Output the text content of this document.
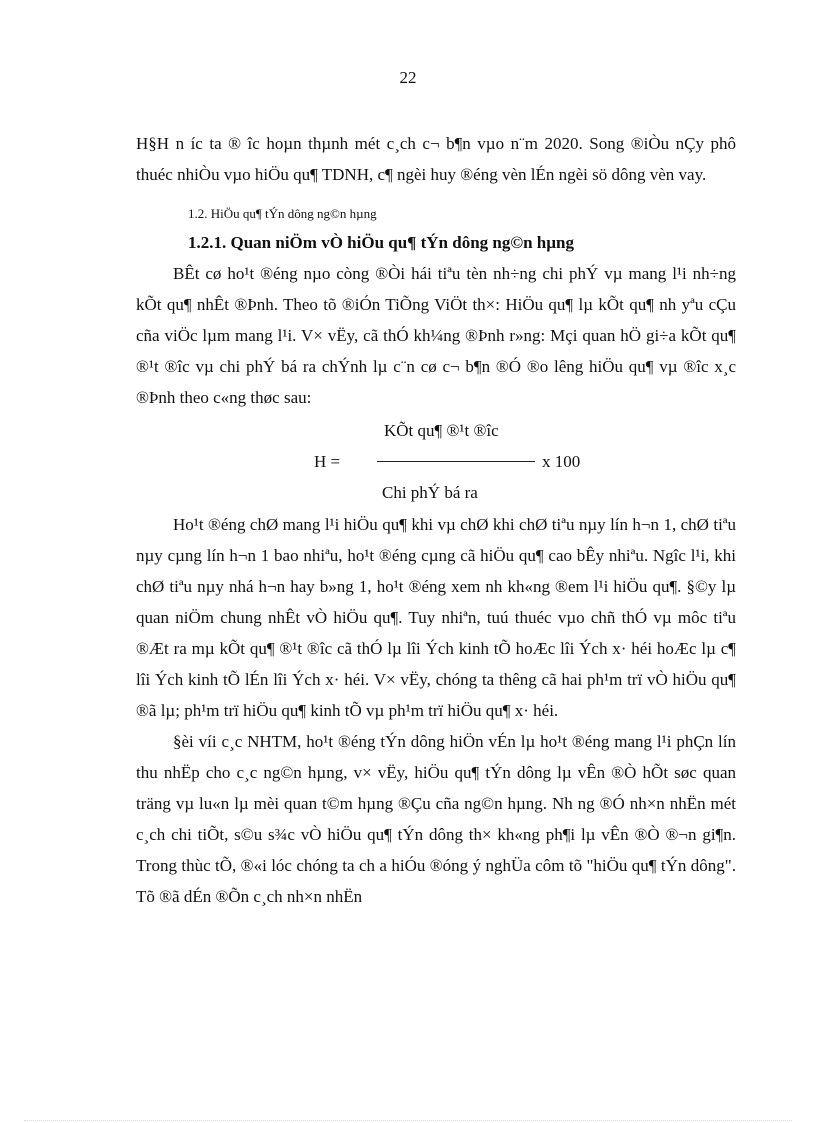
22

H§H n íc ta ® îc hoµn thµnh mét c¸ch c¬ b¶n vµo n¨m 2020. Song ®iÒu nÇy phô thuéc nhiÒu vµo hiÖu qu¶ TDNH, c¶ ngèi huy ®éng vèn lÉn ngèi sö dông vèn vay.

1.2. HiÖu qu¶ tÝn dông ng©n hµng

1.2.1. Quan niÖm vÒ hiÖu qu¶ tÝn dông ng©n hµng

BÊt cø ho¹t ®éng nµo còng ®Òi hái tiªu tèn nh÷ng chi phÝ vµ mang l¹i nh÷ng kÕt qu¶ nhÊt ®Þnh. Theo tõ ®iÓn TiÕng ViÖt th×: HiÖu qu¶ lµ kÕt qu¶ nh yªu cÇu cña viÖc lµm mang l¹i. V× vËy, cã thÓ kh¼ng ®Þnh r»ng: Mçi quan hÖ gi÷a kÕt qu¶ ®¹t ®îc vµ chi phÝ bá ra chÝnh lµ c¨n cø c¬ b¶n ®Ó ®o lêng hiÖu qu¶ vµ ®îc x¸c ®Þnh theo c«ng thøc sau:

H =
KÕt qu¶ ®¹t ®îc
x 100
Chi phÝ bá ra

Ho¹t ®éng chØ mang l¹i hiÖu qu¶ khi vµ chØ khi chØ tiªu nµy lín h¬n 1, chØ tiªu nµy cµng lín h¬n 1 bao nhiªu, ho¹t ®éng cµng cã hiÖu qu¶ cao bÊy nhiªu. Ngîc l¹i, khi chØ tiªu nµy nhá h¬n hay b»ng 1, ho¹t ®éng xem nh kh«ng ®em l¹i hiÖu qu¶. §©y lµ quan niÖm chung nhÊt vÒ hiÖu qu¶. Tuy nhiªn, tuú thuéc vµo chñ thÓ vµ môc tiªu ®Æt ra mµ kÕt qu¶ ®¹t ®îc cã thÓ lµ lîi Ých kinh tÕ hoÆc lîi Ých x· héi hoÆc lµ c¶ lîi Ých kinh tÕ lÉn lîi Ých x· héi. V× vËy, chóng ta thêng cã hai ph¹m trï vÒ hiÖu qu¶ ®ã lµ; ph¹m trï hiÖu qu¶ kinh tÕ vµ ph¹m trï hiÖu qu¶ x· héi.

§èi víi c¸c NHTM, ho¹t ®éng tÝn dông hiÖn vÉn lµ ho¹t ®éng mang l¹i phÇn lín thu nhËp cho c¸c ng©n hµng, v× vËy, hiÖu qu¶ tÝn dông lµ vÊn ®Ò hÕt søc quan träng vµ lu«n lµ mèi quan t©m hµng ®Çu cña ng©n hµng. Nh ng ®Ó nh×n nhËn mét c¸ch chi tiÕt, s©u s¾c vÒ hiÖu qu¶ tÝn dông th× kh«ng ph¶i lµ vÊn ®Ò ®¬n gi¶n. Trong thùc tÕ, ®«i lóc chóng ta ch a hiÓu ®óng ý nghÜa côm tõ "hiÖu qu¶ tÝn dông". Tõ ®ã dÉn ®Õn c¸ch nh×n nhËn
